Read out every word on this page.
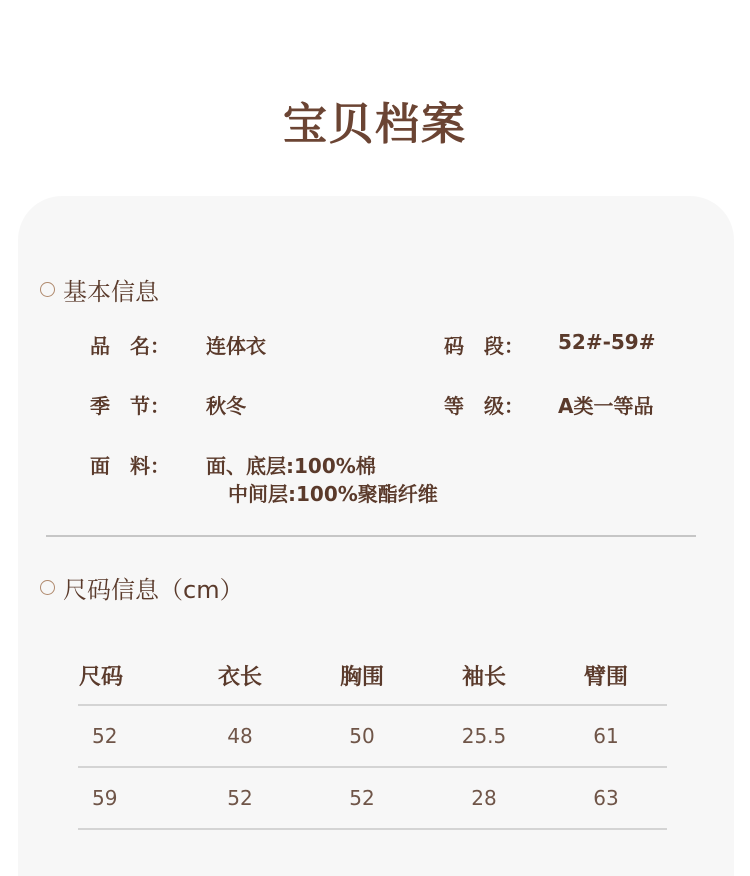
宝贝档案
基本信息
品　名：	连体衣	码　段： 52#-59#
季　节： 秋冬	等　级： A类一等品
面　料： 面、底层:100%棉
中间层:100%聚酯纤维
尺码信息（cm）
尺码	衣长	胸围	袖长	臂围
52	48	50	25.5	61
59	52	52	28	63
